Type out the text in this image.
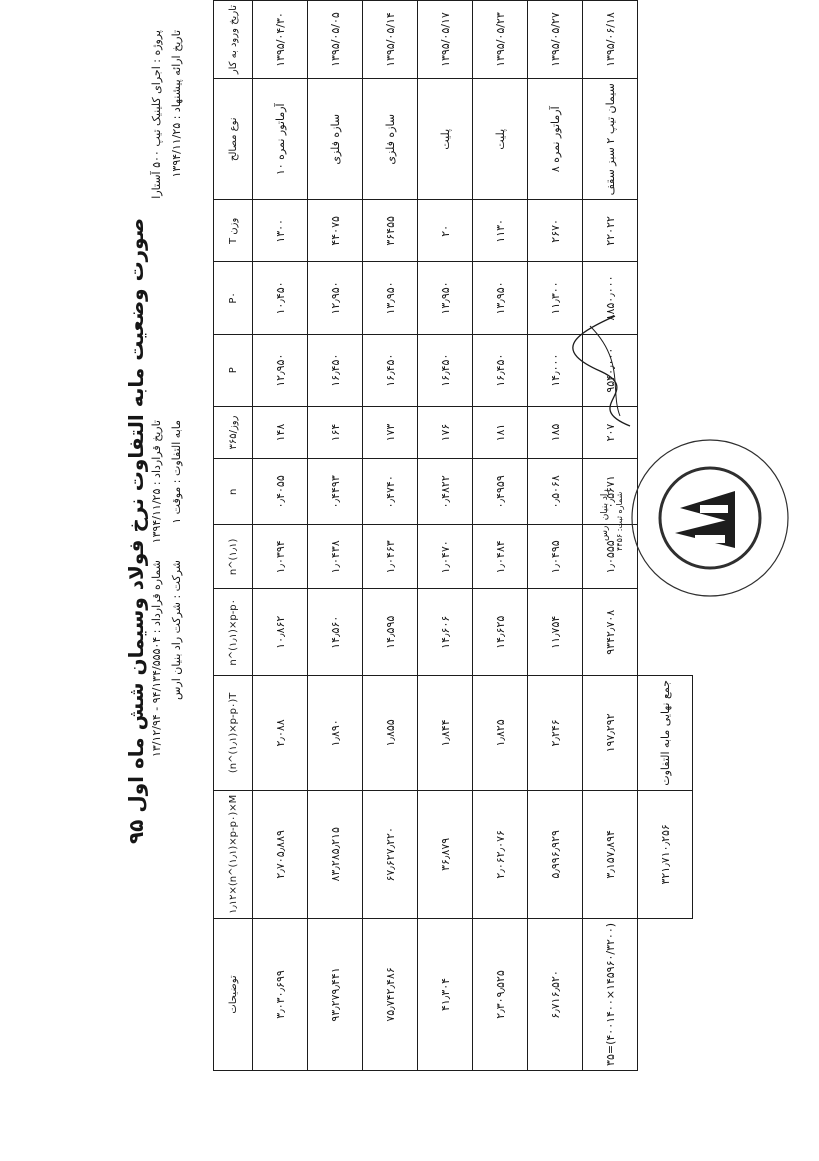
صورت وضعیت مابه التفاوت نرخ فولاد وسیمان شش ماه اول ۹۵
پروژه : اجرای کلینیک تیپ ۵۰۰ آستارا تاریخ ارائه پیشنهاد : ۱۳۹۴/۱۱/۲۵
تاریخ قرارداد : ۱۳۹۴/۱۱/۲۵
مابه التفاوت : موقت ۱
شماره قرارداد : ۹۴/۱۳۴/۵۵۵۰۴ - ۱۳/۱۲/۹۴ شرکت : شرکت راد بنیان ارس
تاریخ ورود به کار	نوع مصالح	وزن T	P۰	P	روز/۳۶۵	n	(۱٫۱)^n	p-p۰×(۱٫۱)^n	T(p-p۰×(۱٫۱)^n)	M×(p-p۰×(۱٫۱)^n)×۱٫۱۲	توضیحات
۱۳۹۵/۰۴/۳۰	آرماتور نمره ۱۰	۱۳۰۰	۱۰٫۴۵۰	۱۲٫۹۵۰	۱۴۸	۰٫۴۰۵۵	۱٫۰۳۹۴	۱۰٫۸۶۲	۲٫۰۸۸	۲٫۷۰۵٫۸۸۹	۳٫۰۳۰٫۶۹۹
۱۳۹۵/۰۵/۰۵	سازه فلزی	۴۴۰۷۵	۱۲٫۹۵۰	۱۶٫۴۵۰	۱۶۴	۰٫۴۴۹۳	۱٫۰۴۳۸	۱۴٫۵۶۰	۱٫۸۹۰	۸۳٫۲۸۵٫۲۱۵	۹۳٫۲۷۹٫۴۴۱
۱۳۹۵/۰۵/۱۴	سازه فلزی	۳۶۴۵۵	۱۳٫۹۵۰	۱۶٫۴۵۰	۱۷۳	۰٫۴۷۴۰	۱٫۰۴۶۳	۱۴٫۵۹۵	۱٫۸۵۵	۶۷٫۶۲۷٫۲۲۰	۷۵٫۷۴۲٫۴۸۶
۱۳۹۵/۰۵/۱۷	پلیت	۲۰	۱۳٫۹۵۰	۱۶٫۴۵۰	۱۷۶	۰٫۴۸۲۲	۱٫۰۴۷۰	۱۴٫۶۰۶	۱٫۸۴۴	۳۶٫۸۷۹	۴۱٫۳۰۴
۱۳۹۵/۰۵/۲۳	پلیت	۱۱۳۰	۱۳٫۹۵۰	۱۶٫۴۵۰	۱۸۱	۰٫۴۹۵۹	۱٫۰۴۸۴	۱۴٫۶۲۵	۱٫۸۲۵	۲٫۰۶۲٫۰۷۶	۲٫۳۰۹٫۵۲۵
۱۳۹۵/۰۵/۲۷	آرماتور نمره ۸	۲۶۷۰	۱۱٫۳۰۰	۱۴٫۰۰۰	۱۸۵	۰٫۵۰۶۸	۱٫۰۴۹۵	۱۱٫۷۵۴	۲٫۲۴۶	۵٫۹۹۶٫۹۲۹	۶٫۷۱۶٫۵۲۰
۱۳۹۵/۰۶/۱۸	سیمان تیپ ۲ سبز سقف	۲۲۰۲۲	۸۸۵۰٫۰۰۰	۹۵۴۰٫۰۰۰	۲۰۷	۰٫۵۶۷۱	۱٫۰۵۵۵	۹۳۴۲٫۷۰۸	۱۹۷٫۲۹۲	۳٫۱۵۷٫۸۹۴	(۱۴۵۹۶۰/۳۲۰۰×۴۰۰۱۴۰۰)=۳۵
									جمع نهایی مابه التفاوت	۳۲۱٫۷۱۰٫۲۵۶	
راد بنیان ارس
شماره ثبت: ۴۴۵۶
